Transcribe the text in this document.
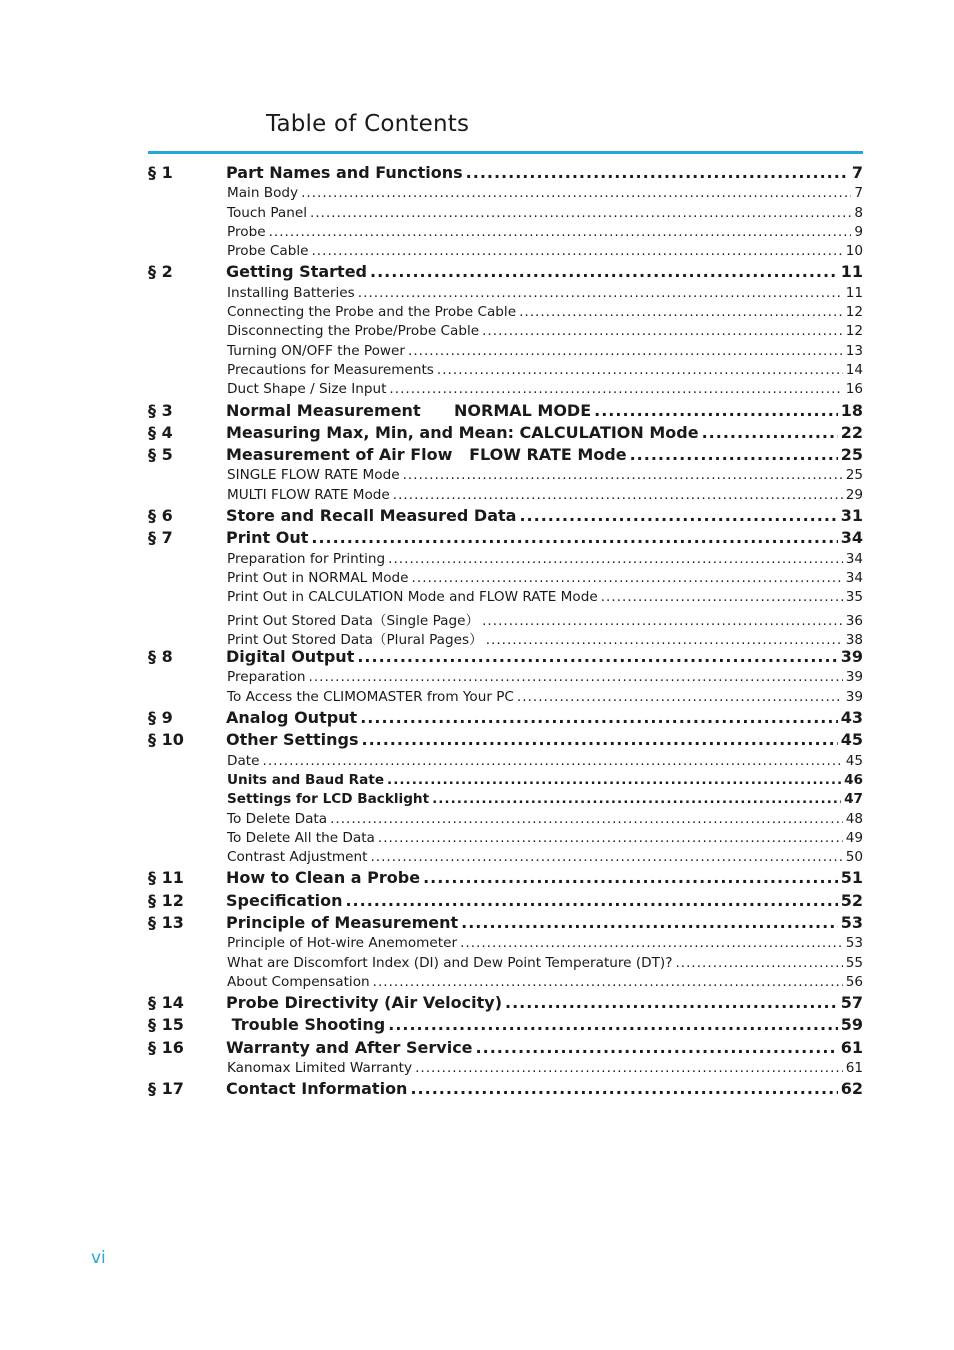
Table of Contents
§ 1	Part Names and Functions .....	7
Main Body .....	7
Touch Panel .....	8
Probe .....	9
Probe Cable .....	10
§ 2	Getting Started .....	11
Installing Batteries .....	11
Connecting the Probe and the Probe Cable .....	12
Disconnecting the Probe/Probe Cable .....	12
Turning ON/OFF the Power .....	13
Precautions for Measurements .....	14
Duct Shape / Size Input .....	16
§ 3	Normal Measurement      NORMAL MODE .....	18
§ 4	Measuring Max, Min, and Mean: CALCULATION Mode .....	22
§ 5	Measurement of Air Flow   FLOW RATE Mode .....	25
SINGLE FLOW RATE Mode .....	25
MULTI FLOW RATE Mode .....	29
§ 6	Store and Recall Measured Data .....	31
§ 7	Print Out .....	34
Preparation for Printing .....	34
Print Out in NORMAL Mode .....	34
Print Out in CALCULATION Mode and FLOW RATE Mode .....	35
Print Out Stored Data（Single Page） .....	36
Print Out Stored Data（Plural Pages） .....	38
§ 8	Digital Output .....	39
Preparation .....	39
To Access the CLIMOMASTER from Your PC .....	39
§ 9	Analog Output .....	43
§ 10	Other Settings .....	45
Date .....	45
Units and Baud Rate .....	46
Settings for LCD Backlight .....	47
To Delete Data .....	48
To Delete All the Data .....	49
Contrast Adjustment .....	50
§ 11	How to Clean a Probe .....	51
§ 12	Specification .....	52
§ 13	Principle of Measurement .....	53
Principle of Hot-wire Anemometer .....	53
What are Discomfort Index (DI) and Dew Point Temperature (DT)? .....	55
About Compensation .....	56
§ 14	Probe Directivity (Air Velocity) .....	57
§ 15	Trouble Shooting .....	59
§ 16	Warranty and After Service .....	61
Kanomax Limited Warranty .....	61
§ 17	Contact Information .....	62
vi
